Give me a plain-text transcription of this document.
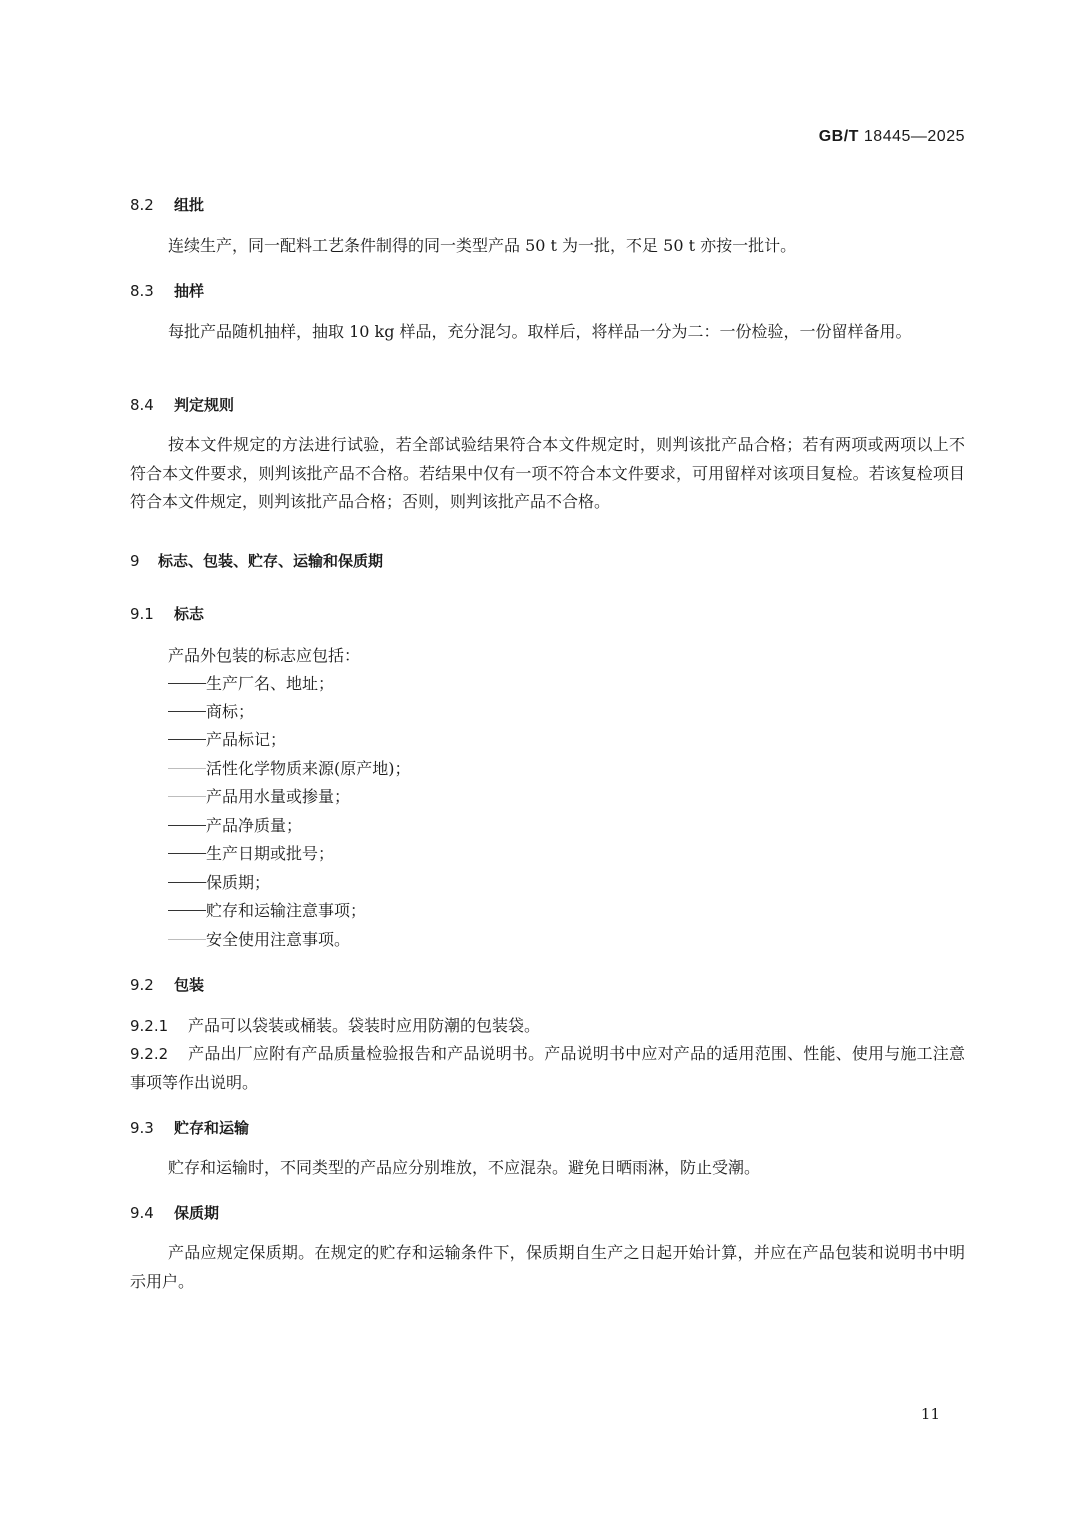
GB/T 18445—2025
8.2 组批
连续生产，同一配料工艺条件制得的同一类型产品 50 t 为一批，不足 50 t 亦按一批计。
8.3 抽样
每批产品随机抽样，抽取 10 kg 样品，充分混匀。取样后，将样品一分为二：一份检验，一份留样备用。
8.4 判定规则
按本文件规定的方法进行试验，若全部试验结果符合本文件规定时，则判该批产品合格；若有两项或两项以上不符合本文件要求，则判该批产品不合格。若结果中仅有一项不符合本文件要求，可用留样对该项目复检。若该复检项目符合本文件规定，则判该批产品合格；否则，则判该批产品不合格。
9 标志、包装、贮存、运输和保质期
9.1 标志
产品外包装的标志应包括：
生产厂名、地址；
商标；
产品标记；
活性化学物质来源(原产地)；
产品用水量或掺量；
产品净质量；
生产日期或批号；
保质期；
贮存和运输注意事项；
安全使用注意事项。
9.2 包装
9.2.1 产品可以袋装或桶装。袋装时应用防潮的包装袋。
9.2.2 产品出厂应附有产品质量检验报告和产品说明书。产品说明书中应对产品的适用范围、性能、使用与施工注意事项等作出说明。
9.3 贮存和运输
贮存和运输时，不同类型的产品应分别堆放，不应混杂。避免日晒雨淋，防止受潮。
9.4 保质期
产品应规定保质期。在规定的贮存和运输条件下，保质期自生产之日起开始计算，并应在产品包装和说明书中明示用户。
11
